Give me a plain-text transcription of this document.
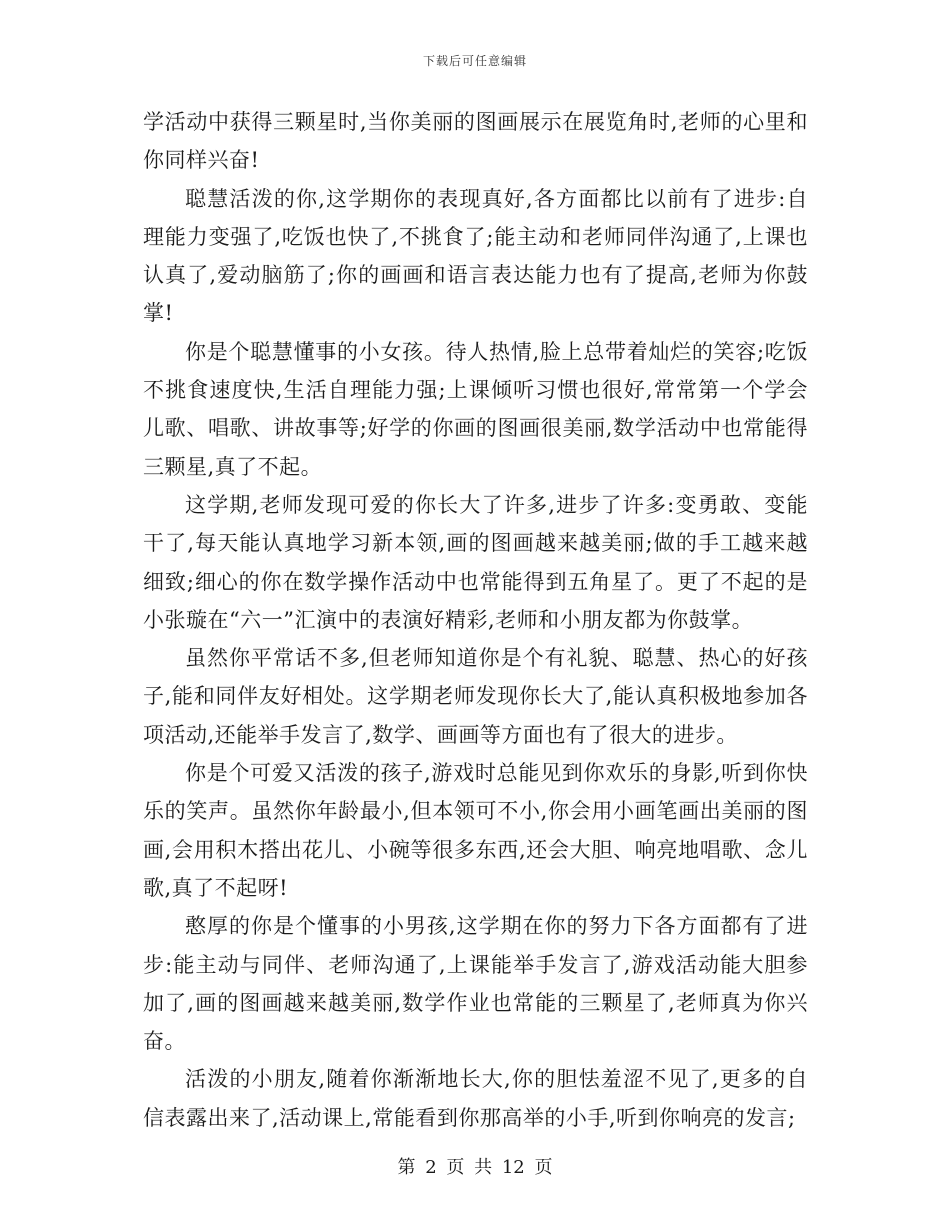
下载后可任意编辑

学活动中获得三颗星时,当你美丽的图画展示在展览角时,老师的心里和你同样兴奋!

聪慧活泼的你,这学期你的表现真好,各方面都比以前有了进步:自理能力变强了,吃饭也快了,不挑食了;能主动和老师同伴沟通了,上课也认真了,爱动脑筋了;你的画画和语言表达能力也有了提高,老师为你鼓掌!

你是个聪慧懂事的小女孩。待人热情,脸上总带着灿烂的笑容;吃饭不挑食速度快,生活自理能力强;上课倾听习惯也很好,常常第一个学会儿歌、唱歌、讲故事等;好学的你画的图画很美丽,数学活动中也常能得三颗星,真了不起。

这学期,老师发现可爱的你长大了许多,进步了许多:变勇敢、变能干了,每天能认真地学习新本领,画的图画越来越美丽;做的手工越来越细致;细心的你在数学操作活动中也常能得到五角星了。更了不起的是小张璇在“六一”汇演中的表演好精彩,老师和小朋友都为你鼓掌。

虽然你平常话不多,但老师知道你是个有礼貌、聪慧、热心的好孩子,能和同伴友好相处。这学期老师发现你长大了,能认真积极地参加各项活动,还能举手发言了,数学、画画等方面也有了很大的进步。

你是个可爱又活泼的孩子,游戏时总能见到你欢乐的身影,听到你快乐的笑声。虽然你年龄最小,但本领可不小,你会用小画笔画出美丽的图画,会用积木搭出花儿、小碗等很多东西,还会大胆、响亮地唱歌、念儿歌,真了不起呀!

憨厚的你是个懂事的小男孩,这学期在你的努力下各方面都有了进步:能主动与同伴、老师沟通了,上课能举手发言了,游戏活动能大胆参加了,画的图画越来越美丽,数学作业也常能的三颗星了,老师真为你兴奋。

活泼的小朋友,随着你渐渐地长大,你的胆怯羞涩不见了,更多的自信表露出来了,活动课上,常能看到你那高举的小手,听到你响亮的发言;

第 2 页 共 12 页
